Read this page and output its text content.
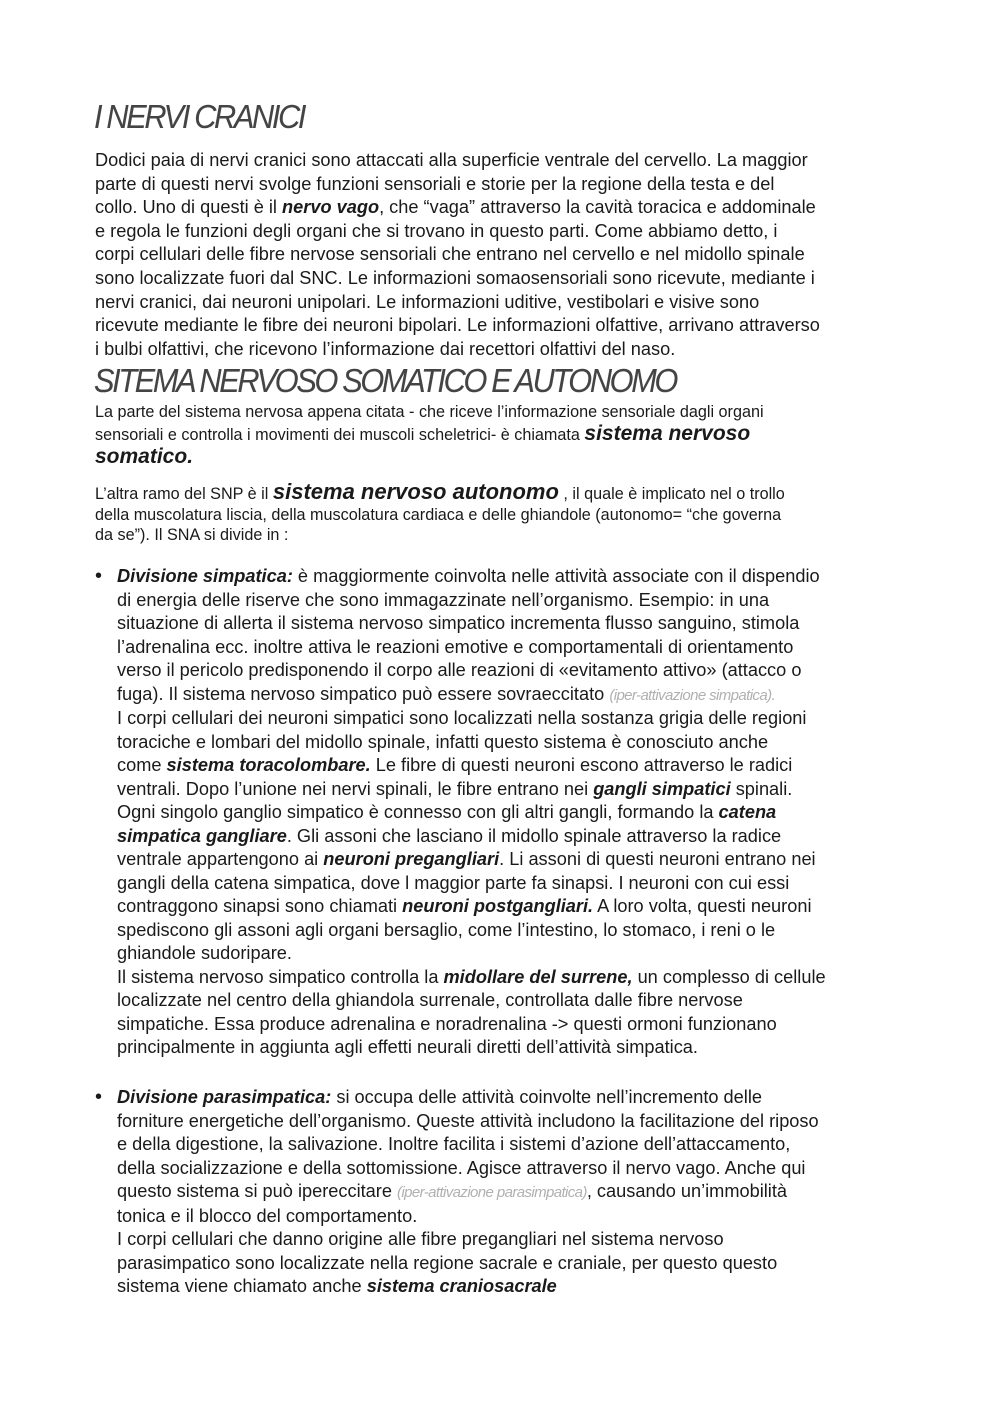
I NERVI CRANICI

Dodici paia di nervi cranici sono attaccati alla superficie ventrale del cervello. La maggior
parte di questi nervi svolge funzioni sensoriali e storie per la regione della testa e del
collo. Uno di questi è il nervo vago, che “vaga” attraverso la cavità toracica e addominale
e regola le funzioni degli organi che si trovano in questo parti. Come abbiamo detto, i
corpi cellulari delle fibre nervose sensoriali che entrano nel cervello e nel midollo spinale
sono localizzate fuori dal SNC. Le informazioni somaosensoriali sono ricevute, mediante i
nervi cranici, dai neuroni unipolari. Le informazioni uditive, vestibolari e visive sono
ricevute mediante le fibre dei neuroni bipolari. Le informazioni olfattive, arrivano attraverso
i bulbi olfattivi, che ricevono l’informazione dai recettori olfattivi del naso.

SITEMA NERVOSO SOMATICO E AUTONOMO

La parte del sistema nervosa appena citata - che riceve l’informazione sensoriale dagli organi
sensoriali e controlla i movimenti dei muscoli scheletrici- è chiamata sistema nervoso
somatico.

L’altra ramo del SNP è il sistema nervoso autonomo , il quale è implicato nel o trollo
della muscolatura liscia, della muscolatura cardiaca e delle ghiandole (autonomo= “che governa
da se”). Il SNA si divide in :

• Divisione simpatica: è maggiormente coinvolta nelle attività associate con il dispendio
di energia delle riserve che sono immagazzinate nell’organismo. Esempio: in una
situazione di allerta il sistema nervoso simpatico incrementa flusso sanguino, stimola
l’adrenalina ecc. inoltre attiva le reazioni emotive e comportamentali di orientamento
verso il pericolo predisponendo il corpo alle reazioni di «evitamento attivo» (attacco o
fuga). Il sistema nervoso simpatico può essere sovraeccitato (iper-attivazione simpatica).
I corpi cellulari dei neuroni simpatici sono localizzati nella sostanza grigia delle regioni
toraciche e lombari del midollo spinale, infatti questo sistema è conosciuto anche
come sistema toracolombare. Le fibre di questi neuroni escono attraverso le radici
ventrali. Dopo l’unione nei nervi spinali, le fibre entrano nei gangli simpatici spinali.
Ogni singolo ganglio simpatico è connesso con gli altri gangli, formando la catena
simpatica gangliare. Gli assoni che lasciano il midollo spinale attraverso la radice
ventrale appartengono ai neuroni pregangliari. Li assoni di questi neuroni entrano nei
gangli della catena simpatica, dove l maggior parte fa sinapsi. I neuroni con cui essi
contraggono sinapsi sono chiamati neuroni postgangliari. A loro volta, questi neuroni
spediscono gli assoni agli organi bersaglio, come l’intestino, lo stomaco, i reni o le
ghiandole sudoripare.
Il sistema nervoso simpatico controlla la midollare del surrene, un complesso di cellule
localizzate nel centro della ghiandola surrenale, controllata dalle fibre nervose
simpatiche. Essa produce adrenalina e noradrenalina -> questi ormoni funzionano
principalmente in aggiunta agli effetti neurali diretti dell’attività simpatica.
• Divisione parasimpatica: si occupa delle attività coinvolte nell’incremento delle
forniture energetiche dell’organismo. Queste attività includono la facilitazione del riposo
e della digestione, la salivazione. Inoltre facilita i sistemi d’azione dell’attaccamento,
della socializzazione e della sottomissione. Agisce attraverso il nervo vago. Anche qui
questo sistema si può ipereccitare (iper-attivazione parasimpatica), causando un’immobilità
tonica e il blocco del comportamento.
I corpi cellulari che danno origine alle fibre pregangliari nel sistema nervoso
parasimpatico sono localizzate nella regione sacrale e craniale, per questo questo
sistema viene chiamato anche sistema craniosacrale
